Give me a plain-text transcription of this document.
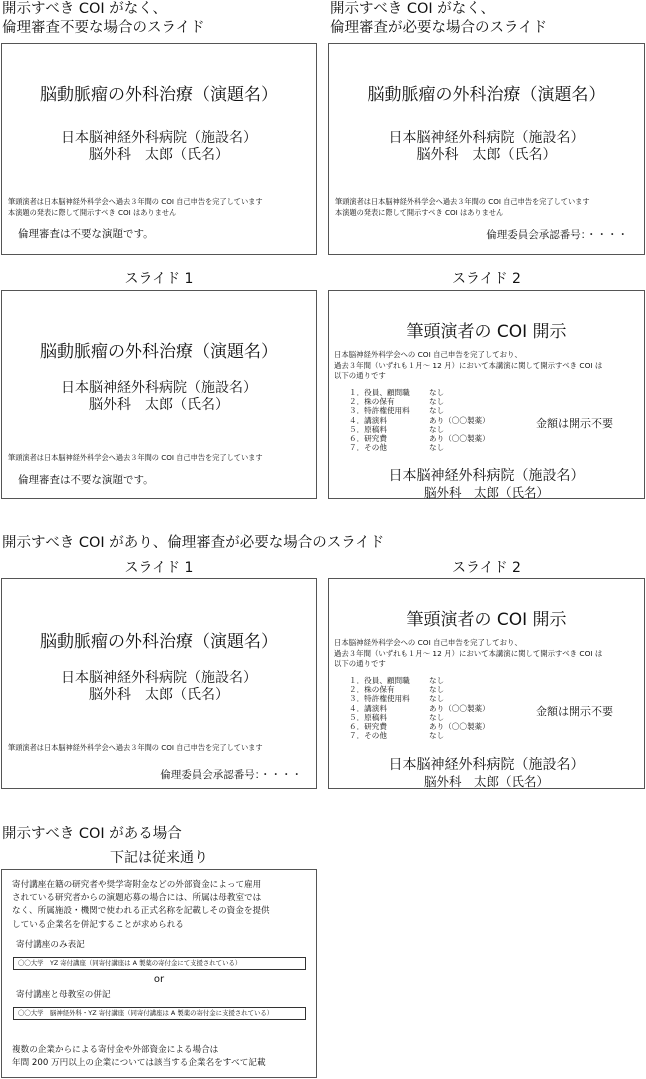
開示すべき COI がなく、
倫理審査不要な場合のスライド
開示すべき COI がなく、
倫理審査が必要な場合のスライド
脳動脈瘤の外科治療（演題名）
日本脳神経外科病院（施設名）
脳外科　太郎（氏名）
筆頭演者は日本脳神経外科学会へ過去３年間の COI 自己申告を完了しています
本演題の発表に際して開示すべき COI はありません
倫理審査は不要な演題です。
脳動脈瘤の外科治療（演題名）
日本脳神経外科病院（施設名）
脳外科　太郎（氏名）
筆頭演者は日本脳神経外科学会へ過去３年間の COI 自己申告を完了しています
本演題の発表に際して開示すべき COI はありません
倫理委員会承認番号：・・・・
スライド 1	スライド 2
脳動脈瘤の外科治療（演題名）
日本脳神経外科病院（施設名）
脳外科　太郎（氏名）
筆頭演者は日本脳神経外科学会へ過去３年間の COI 自己申告を完了しています
倫理審査は不要な演題です。
筆頭演者の COI 開示
日本脳神経外科学会への COI 自己申告を完了しており、
過去３年間（いずれも１月～ 12 月）において本講演に関して開示すべき COI は
以下の通りです
１．役員、顧問職	なし
２．株の保有	なし
３．特許権使用料	なし
４．講演料	あり（〇〇製薬）
５．原稿料	なし
６．研究費	あり（〇〇製薬）
７．その他	なし
金額は開示不要
日本脳神経外科病院（施設名）
脳外科　太郎（氏名）
開示すべき COI があり、倫理審査が必要な場合のスライド
スライド 1	スライド 2
脳動脈瘤の外科治療（演題名）
日本脳神経外科病院（施設名）
脳外科　太郎（氏名）
筆頭演者は日本脳神経外科学会へ過去３年間の COI 自己申告を完了しています
倫理委員会承認番号：・・・・
筆頭演者の COI 開示
日本脳神経外科学会への COI 自己申告を完了しており、
過去３年間（いずれも１月～ 12 月）において本講演に関して開示すべき COI は
以下の通りです
１．役員、顧問職	なし
２．株の保有	なし
３．特許権使用料	なし
４．講演料	あり（〇〇製薬）
５．原稿料	なし
６．研究費	あり（〇〇製薬）
７．その他	なし
金額は開示不要
日本脳神経外科病院（施設名）
脳外科　太郎（氏名）
開示すべき COI がある場合
下記は従来通り
寄付講座在籍の研究者や奨学寄附金などの外部資金によって雇用
されている研究者からの演題応募の場合には、所属は母教室では
なく、所属施設・機関で使われる正式名称を記載しその資金を提供
している企業名を併記することが求められる
寄付講座のみ表記
〇〇大学　YZ 寄付講座（同寄付講座は A 製薬の寄付金にて支援されている）
or
寄付講座と母教室の併記
〇〇大学　脳神経外科・YZ 寄付講座（同寄付講座は A 製薬の寄付金に支援されている）
複数の企業からによる寄付金や外部資金による場合は
年間 200 万円以上の企業については該当する企業名をすべて記載
